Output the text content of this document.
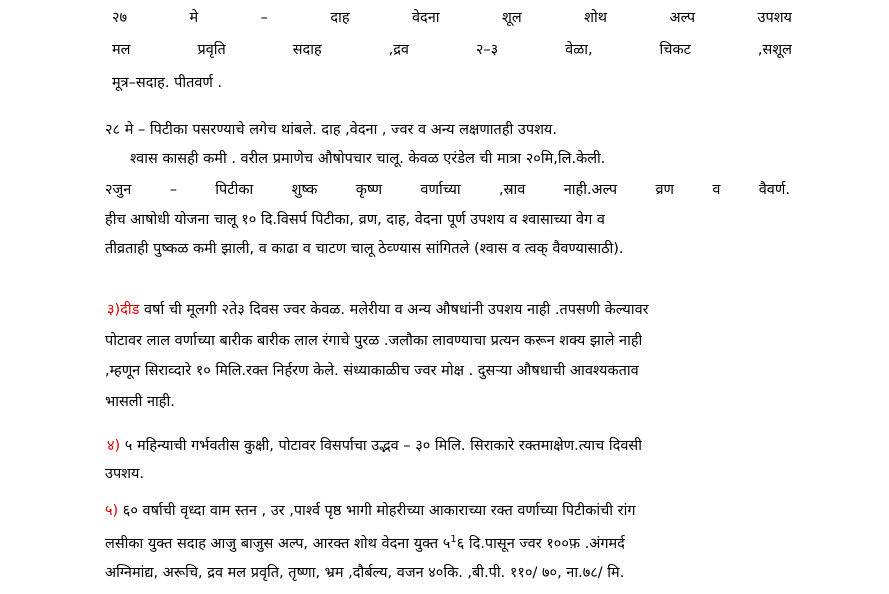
२७	मे	–	दाह	वेदना	शूल	शोथ	अल्प	उपशय
मल	प्रवृति	सदाह	,द्रव	२–३	वेळा,	चिकट	,सशूल
मूत्र–सदाह. पीतवर्ण .
२८ मे – पिटीका पसरण्याचे लगेच थांबले. दाह ,वेदना , ज्वर व अन्य लक्षणातही उपशय.
श्वास कासही कमी . वरील प्रमाणेच औषोपचार चालू. केवळ एरंडेल ची मात्रा २०मि,लि.केली.
२जुन	–	पिटीका	शुष्क	कृष्ण	वर्णाच्या	,स्राव	नाही.अल्प	व्रण	व	वैवर्ण.
हीच आषोधी योजना चालू १० दि.विसर्प पिटीका, व्रण, दाह, वेदना पूर्ण उपशय व श्वासाच्या वेग व
तीव्रताही पुष्कळ कमी झाली, व काढा व चाटण चालू ठेव्ण्यास सांगितले (श्वास व त्वक् वैवण्यासाठी).
३)दीड वर्षा ची मूलगी २ते३ दिवस ज्वर केवळ. मलेरीया व अन्य औषधांनी उपशय नाही .तपसणी केल्यावर
पोटावर लाल वर्णाच्या बारीक बारीक लाल रंगाचे पुरळ .जलौका लावण्याचा प्रत्यन करून शक्य झाले नाही
,म्हणून सिराव्दारे १० मिलि.रक्त निर्हरण केले. संध्याकाळीच ज्वर मोक्ष . दुसऱ्या औषधाची आवश्यकताव
भासली नाही.
४) ५ महिन्याची गर्भवतीस कुक्षी, पोटावर विसर्पाचा उद्भव – ३० मिलि. सिराकारे रक्तमाक्षेण.त्याच दिवसी
उपशय.
५) ६० वर्षाची वृध्दा वाम स्तन , उर ,पार्श्व पृष्ठ भागी मोहरीच्या आकाराच्या रक्त वर्णाच्या पिटीकांची रांग
लसीका युक्त सदाह आजु बाजुस अल्प, आरक्त शोथ वेदना युक्त $५^1६$ दि.पासून ज्वर १००फ़ .अंगमर्द
अग्निमांद्य, अरूचि, द्रव मल प्रवृति, तृष्णा, भ्रम ,दौर्बल्य, वजन ४०कि. ,बी.पी. ११०/ ७०, ना.७८/ मि.
